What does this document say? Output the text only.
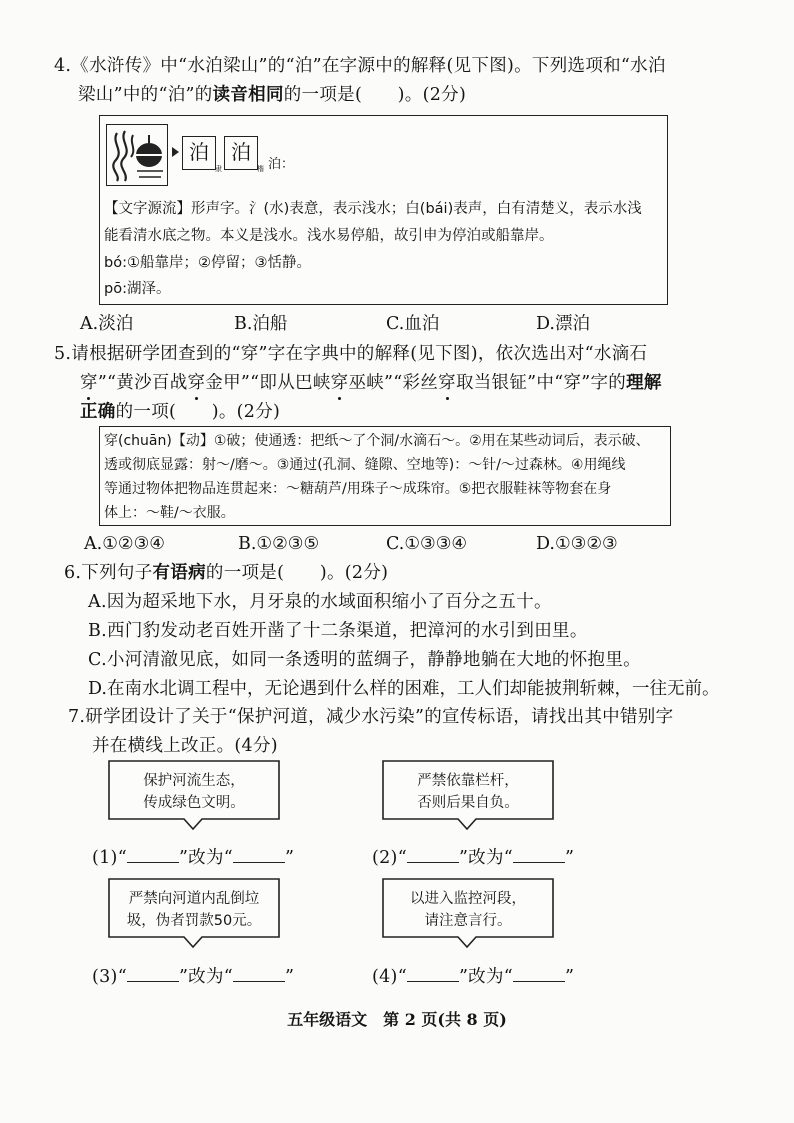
4.《水浒传》中“水泊梁山”的“泊”在字源中的解释(见下图)。下列选项和“水泊
梁山”中的“泊”的读音相同的一项是(　　)。(2分)
泊
隶
泊
楷 泊：
【文字源流】形声字。氵(水)表意，表示浅水；白(bái)表声，白有清楚义，表示水浅
能看清水底之物。本义是浅水。浅水易停船，故引申为停泊或船靠岸。
bó:①船靠岸；②停留；③恬静。
pō:湖泽。
A.淡泊	B.泊船	C.血泊	D.漂泊
5.请根据研学团查到的“穿”字在字典中的解释(见下图)，依次选出对“水滴石
穿”“黄沙百战穿金甲”“即从巴峡穿巫峡”“彩丝穿取当银钲”中“穿”字的理解
正确的一项(　　)。(2分)
穿(chuān)【动】①破；使通透：把纸～了个洞/水滴石～。②用在某些动词后，表示破、
透或彻底显露：射～/磨～。③通过(孔洞、缝隙、空地等)：～针/～过森林。④用绳线
等通过物体把物品连贯起来：～糖葫芦/用珠子～成珠帘。⑤把衣服鞋袜等物套在身
体上：～鞋/～衣服。
A.①②③④	B.①②③⑤	C.①③③④	D.①③②③
6.下列句子有语病的一项是(　　)。(2分)
A.因为超采地下水，月牙泉的水域面积缩小了百分之五十。
B.西门豹发动老百姓开凿了十二条渠道，把漳河的水引到田里。
C.小河清澈见底，如同一条透明的蓝绸子，静静地躺在大地的怀抱里。
D.在南水北调工程中，无论遇到什么样的困难，工人们却能披荆斩棘，一往无前。
7.研学团设计了关于“保护河道，减少水污染”的宣传标语，请找出其中错别字
并在横线上改正。(4分)
保护河流生态，
传成绿色文明。
严禁依靠栏杆，
否则后果自负。
(1)“	”改为“	”	(2)“	”改为“	”
严禁向河道内乱倒垃
圾，伪者罚款50元。
以进入监控河段，
请注意言行。
(3)“	”改为“	”	(4)“	”改为“	”
五年级语文　第 2 页(共 8 页)
